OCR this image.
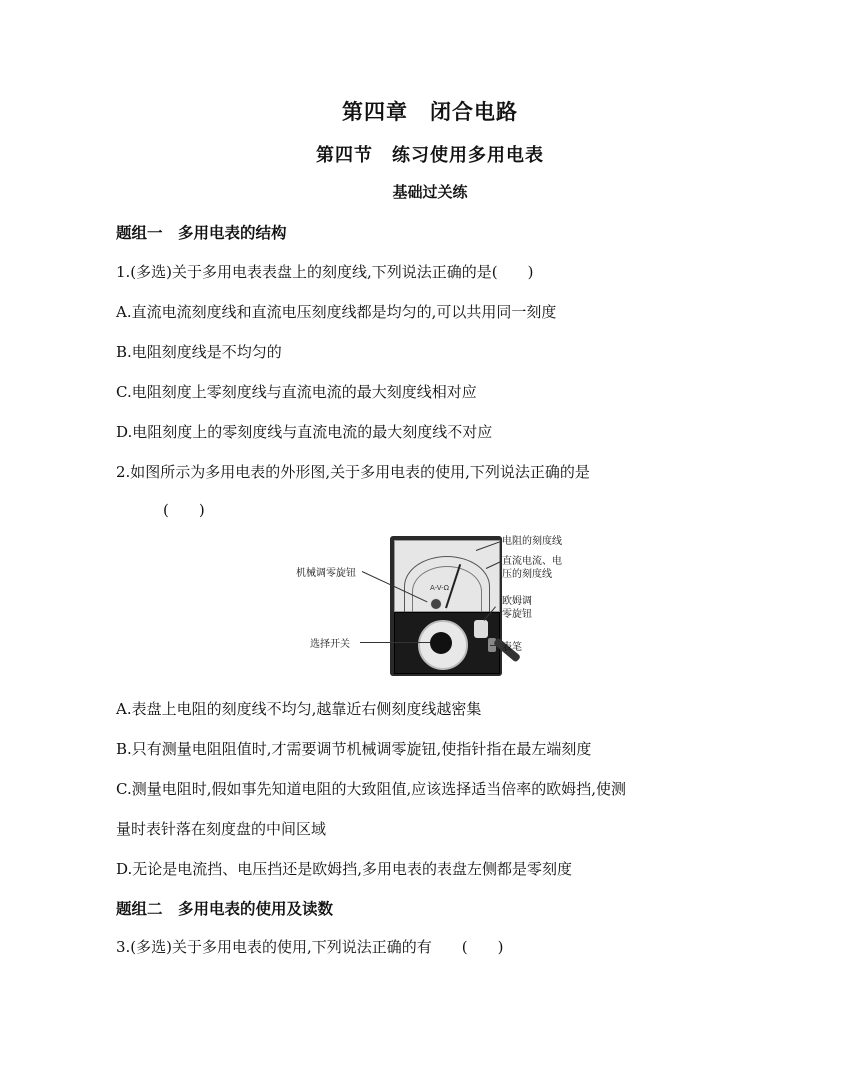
第四章　闭合电路
第四节　练习使用多用电表
基础过关练
题组一　多用电表的结构
1.(多选)关于多用电表表盘上的刻度线,下列说法正确的是(　　)
A.直流电流刻度线和直流电压刻度线都是均匀的,可以共用同一刻度
B.电阻刻度线是不均匀的
C.电阻刻度上零刻度线与直流电流的最大刻度线相对应
D.电阻刻度上的零刻度线与直流电流的最大刻度线不对应
2.如图所示为多用电表的外形图,关于多用电表的使用,下列说法正确的是
(　　)
A-V-Ω
电阻的刻度线
直流电流、电
压的刻度线
机械调零旋钮
欧姆调
零旋钮
选择开关	表笔
A.表盘上电阻的刻度线不均匀,越靠近右侧刻度线越密集
B.只有测量电阻阻值时,才需要调节机械调零旋钮,使指针指在最左端刻度
C.测量电阻时,假如事先知道电阻的大致阻值,应该选择适当倍率的欧姆挡,使测
量时表针落在刻度盘的中间区域
D.无论是电流挡、电压挡还是欧姆挡,多用电表的表盘左侧都是零刻度
题组二　多用电表的使用及读数
3.(多选)关于多用电表的使用,下列说法正确的有　　(　　)
